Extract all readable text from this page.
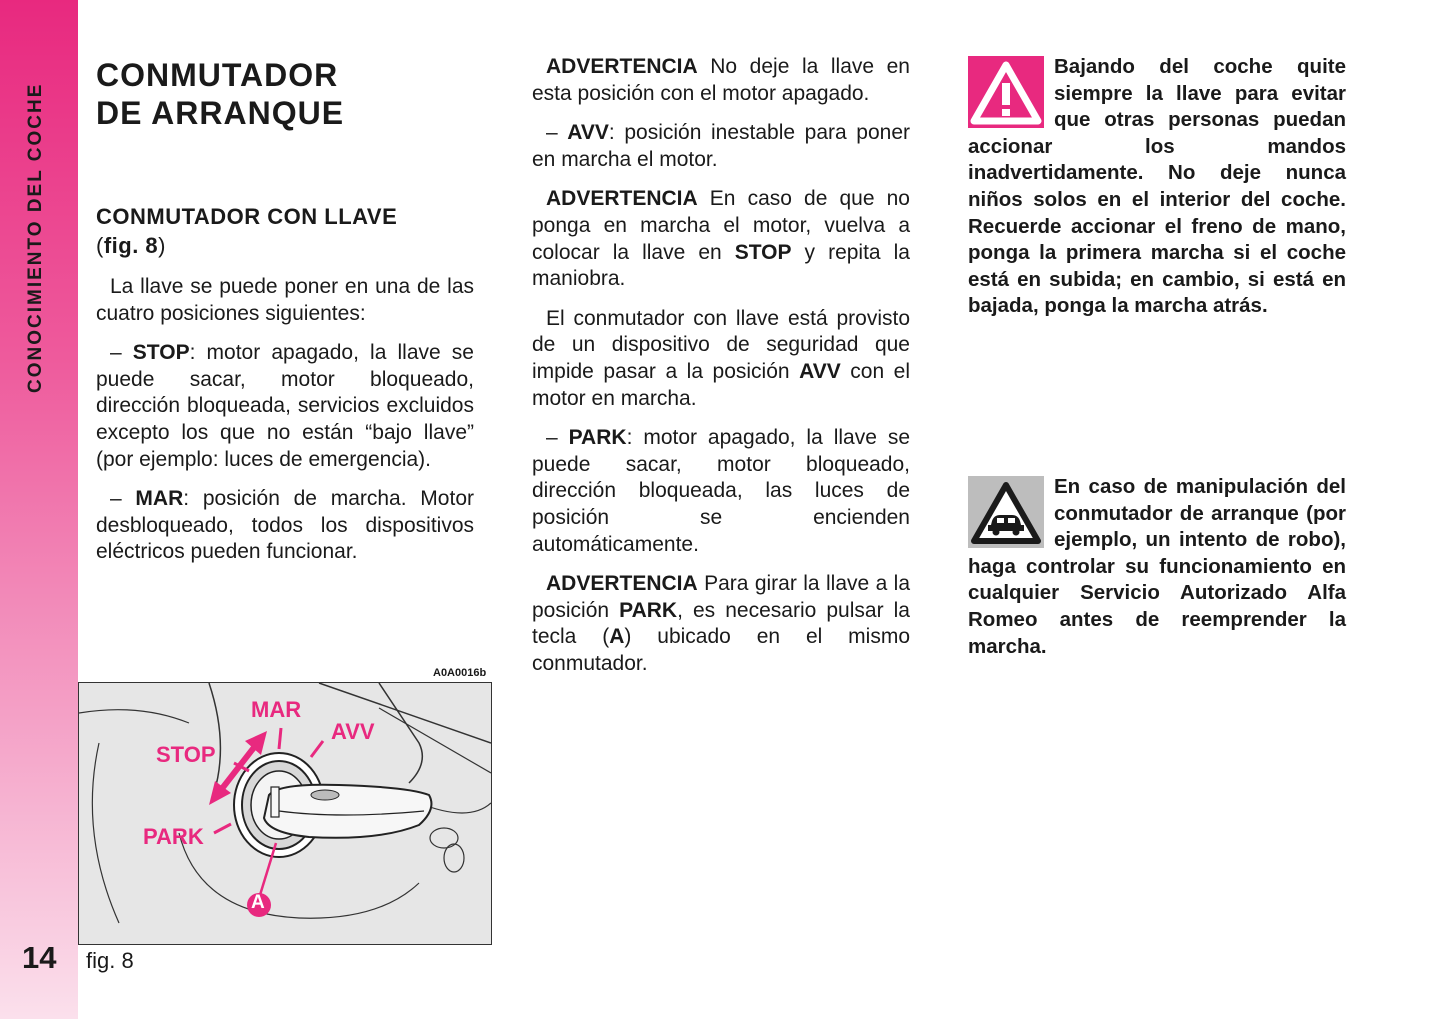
CONOCIMIENTO DEL COCHE
14
CONMUTADOR
DE ARRANQUE
CONMUTADOR CON LLAVE
(fig. 8)

La llave se puede poner en una de las cuatro posiciones siguientes:

– STOP: motor apagado, la llave se puede sacar, motor bloqueado, dirección bloqueada, servicios excluidos excepto los que no están “bajo llave” (por ejemplo: luces de emergencia).

– MAR: posición de marcha. Motor desbloqueado, todos los dispositivos eléctricos pueden funcionar.

ADVERTENCIA No deje la llave en esta posición con el motor apagado.

– AVV: posición inestable para poner en marcha el motor.

ADVERTENCIA En caso de que no ponga en marcha el motor, vuelva a colocar la llave en STOP y repita la maniobra.

El conmutador con llave está provisto de un dispositivo de seguridad que impide pasar a la posición AVV con el motor en marcha.

– PARK: motor apagado, la llave se puede sacar, motor bloqueado, dirección bloqueada, las luces de posición se encienden automáticamente.

ADVERTENCIA Para girar la llave a la posición PARK, es necesario pulsar la tecla (A) ubicado en el mismo conmutador.

Bajando del coche quite siempre la llave para evitar que otras personas puedan accionar los mandos inadvertidamente. No deje nunca niños solos en el interior del coche. Recuerde accionar el freno de mano, ponga la primera marcha si el coche está en subida; en cambio, si está en bajada, ponga la marcha atrás.
En caso de manipulación del conmutador de arranque (por ejemplo, un intento de robo), haga controlar su funcionamiento en cualquier Servicio Autorizado Alfa Romeo antes de reemprender la marcha.
A0A0016b
MAR
AVV
STOP
PARK
A
fig. 8
